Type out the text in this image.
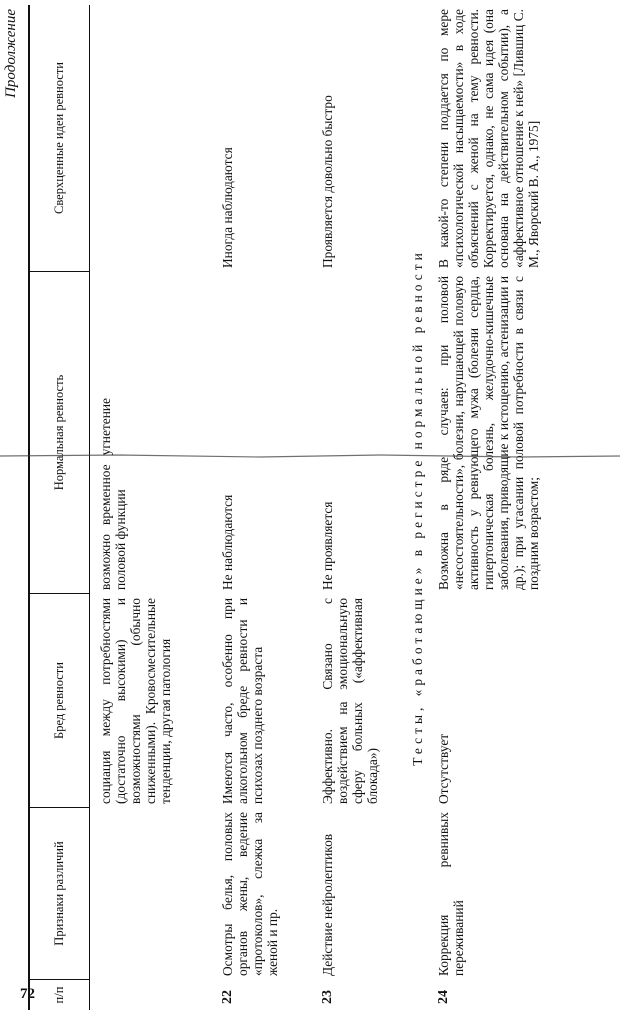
72
Продолжение
п/п
Признаки различий
Бред ревности
Нормальная ревность
Сверхценные идеи ревности
социация между потребностями (достаточно высокими) и возможностями (обычно сниженными). Кровосмесительные тенденции, другая патология
возможно временное угнетение половой функции
22
Осмотры белья, половых органов жены, ведение «протоколов», слежка за женой и пр.
Имеются часто, особенно при алкогольном бреде ревности и психозах позднего возраста
Не наблюдаются
Иногда наблюдаются
23
Действие нейролептиков
Эффективно. Связано с воздействием на эмоциональную сферу больных («аффективная блокада»)
Не проявляется
Проявляется довольно быстро
Тесты, «работающие» в регистре нормальной ревности
24
Коррекция ревнивых переживаний
Отсутствует
Возможна в ряде случаев: при половой «несостоятельности», болезни, нарушающей половую активность у ревнующего мужа (болезни сердца, гипертоническая болезнь, желудочно-кишечные заболевания, приводящие к истощению, астенизации и др.); при угасании половой потребности в связи с поздним возрастом;
В какой-то степени поддается по мере «психологической насыщаемости» в ходе объяснений с женой на тему ревности. Корректируется, однако, не сама идея (она основана на действительном событии), а «аффективное отношение к ней» [Лившиц С. М., Яворский В. А., 1975]
